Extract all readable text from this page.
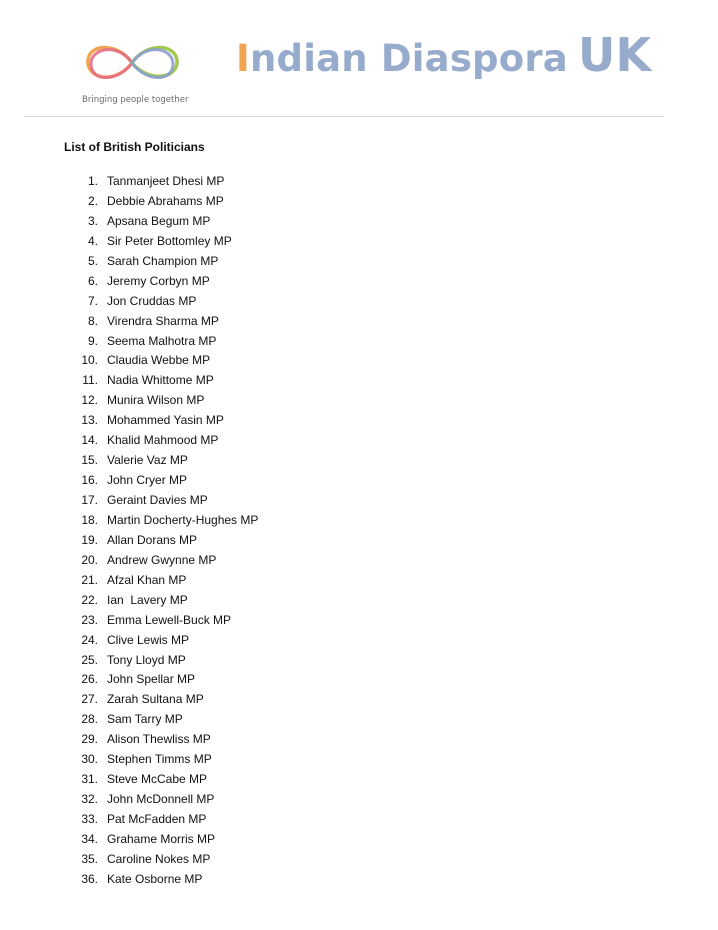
Bringing people together
Indian Diaspora UK
List of British Politicians
1. Tanmanjeet Dhesi MP
2. Debbie Abrahams MP
3. Apsana Begum MP
4. Sir Peter Bottomley MP
5. Sarah Champion MP
6. Jeremy Corbyn MP
7. Jon Cruddas MP
8. Virendra Sharma MP
9. Seema Malhotra MP
10. Claudia Webbe MP
11. Nadia Whittome MP
12. Munira Wilson MP
13. Mohammed Yasin MP
14. Khalid Mahmood MP
15. Valerie Vaz MP
16. John Cryer MP
17. Geraint Davies MP
18. Martin Docherty-Hughes MP
19. Allan Dorans MP
20. Andrew Gwynne MP
21. Afzal Khan MP
22. Ian  Lavery MP
23. Emma Lewell-Buck MP
24. Clive Lewis MP
25. Tony Lloyd MP
26. John Spellar MP
27. Zarah Sultana MP
28. Sam Tarry MP
29. Alison Thewliss MP
30. Stephen Timms MP
31. Steve McCabe MP
32. John McDonnell MP
33. Pat McFadden MP
34. Grahame Morris MP
35. Caroline Nokes MP
36. Kate Osborne MP
